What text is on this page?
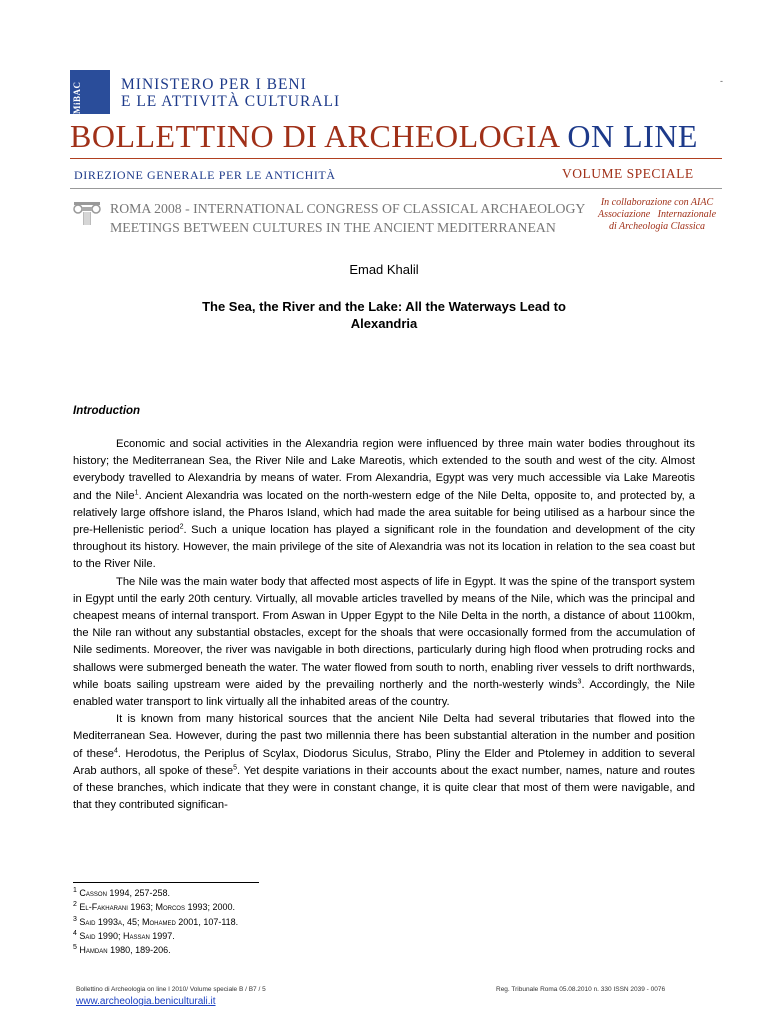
MiBAC	MINISTERO PER I BENI
E LE ATTIVITÀ CULTURALI
-
BOLLETTINO DI ARCHEOLOGIA ON LINE
DIREZIONE GENERALE PER LE ANTICHITÀ	VOLUME SPECIALE
ROMA 2008 - INTERNATIONAL CONGRESS OF CLASSICAL ARCHAEOLOGY
MEETINGS BETWEEN CULTURES IN THE ANCIENT MEDITERRANEAN
In collaborazione con AIAC
Associazione   Internazionale
di Archeologia Classica
Emad Khalil
The Sea, the River and the Lake: All the Waterways Lead to Alexandria
Introduction

Economic and social activities in the Alexandria region were influenced by three main water bodies throughout its history; the Mediterranean Sea, the River Nile and Lake Mareotis, which extended to the south and west of the city. Almost everybody travelled to Alexandria by means of water. From Alexandria, Egypt was very much accessible via Lake Mareotis and the Nile$^1$. Ancient Alexandria was located on the north-western edge of the Nile Delta, opposite to, and protected by, a relatively large offshore island, the Pharos Island, which had made the area suitable for being utilised as a harbour since the pre-Hellenistic period$^2$. Such a unique location has played a significant role in the foundation and development of the city throughout its history. However, the main privilege of the site of Alexandria was not its location in relation to the sea coast but to the River Nile.

The Nile was the main water body that affected most aspects of life in Egypt. It was the spine of the transport system in Egypt until the early 20th century. Virtually, all movable articles travelled by means of the Nile, which was the principal and cheapest means of internal transport. From Aswan in Upper Egypt to the Nile Delta in the north, a distance of about 1100km, the Nile ran without any substantial obstacles, except for the shoals that were occasionally formed from the accumulation of Nile sediments. Moreover, the river was navigable in both directions, particularly during high flood when protruding rocks and shallows were submerged beneath the water. The water flowed from south to north, enabling river vessels to drift northwards, while boats sailing upstream were aided by the prevailing northerly and the north-westerly winds$^3$. Accordingly, the Nile enabled water transport to link virtually all the inhabited areas of the country.

It is known from many historical sources that the ancient Nile Delta had several tributaries that flowed into the Mediterranean Sea. However, during the past two millennia there has been substantial alteration in the number and position of these$^4$. Herodotus, the Periplus of Scylax, Diodorus Siculus, Strabo, Pliny the Elder and Ptolemey in addition to several Arab authors, all spoke of these$^5$. Yet despite variations in their accounts about the exact number, names, nature and routes of these branches, which indicate that they were in constant change, it is quite clear that most of them were navigable, and that they contributed significan-

$^1$ Casson 1994, 257-258.
$^2$ El-Fakharani 1963; Morcos 1993; 2000.
$^3$ Said 1993a, 45; Mohamed 2001, 107-118.
$^4$ Said 1990; Hassan 1997.
$^5$ Hamdan 1980, 189-206.
Bollettino di Archeologia on line I 2010/ Volume speciale B / B7 / 5	Reg. Tribunale Roma 05.08.2010 n. 330 ISSN 2039 - 0076
www.archeologia.beniculturali.it
